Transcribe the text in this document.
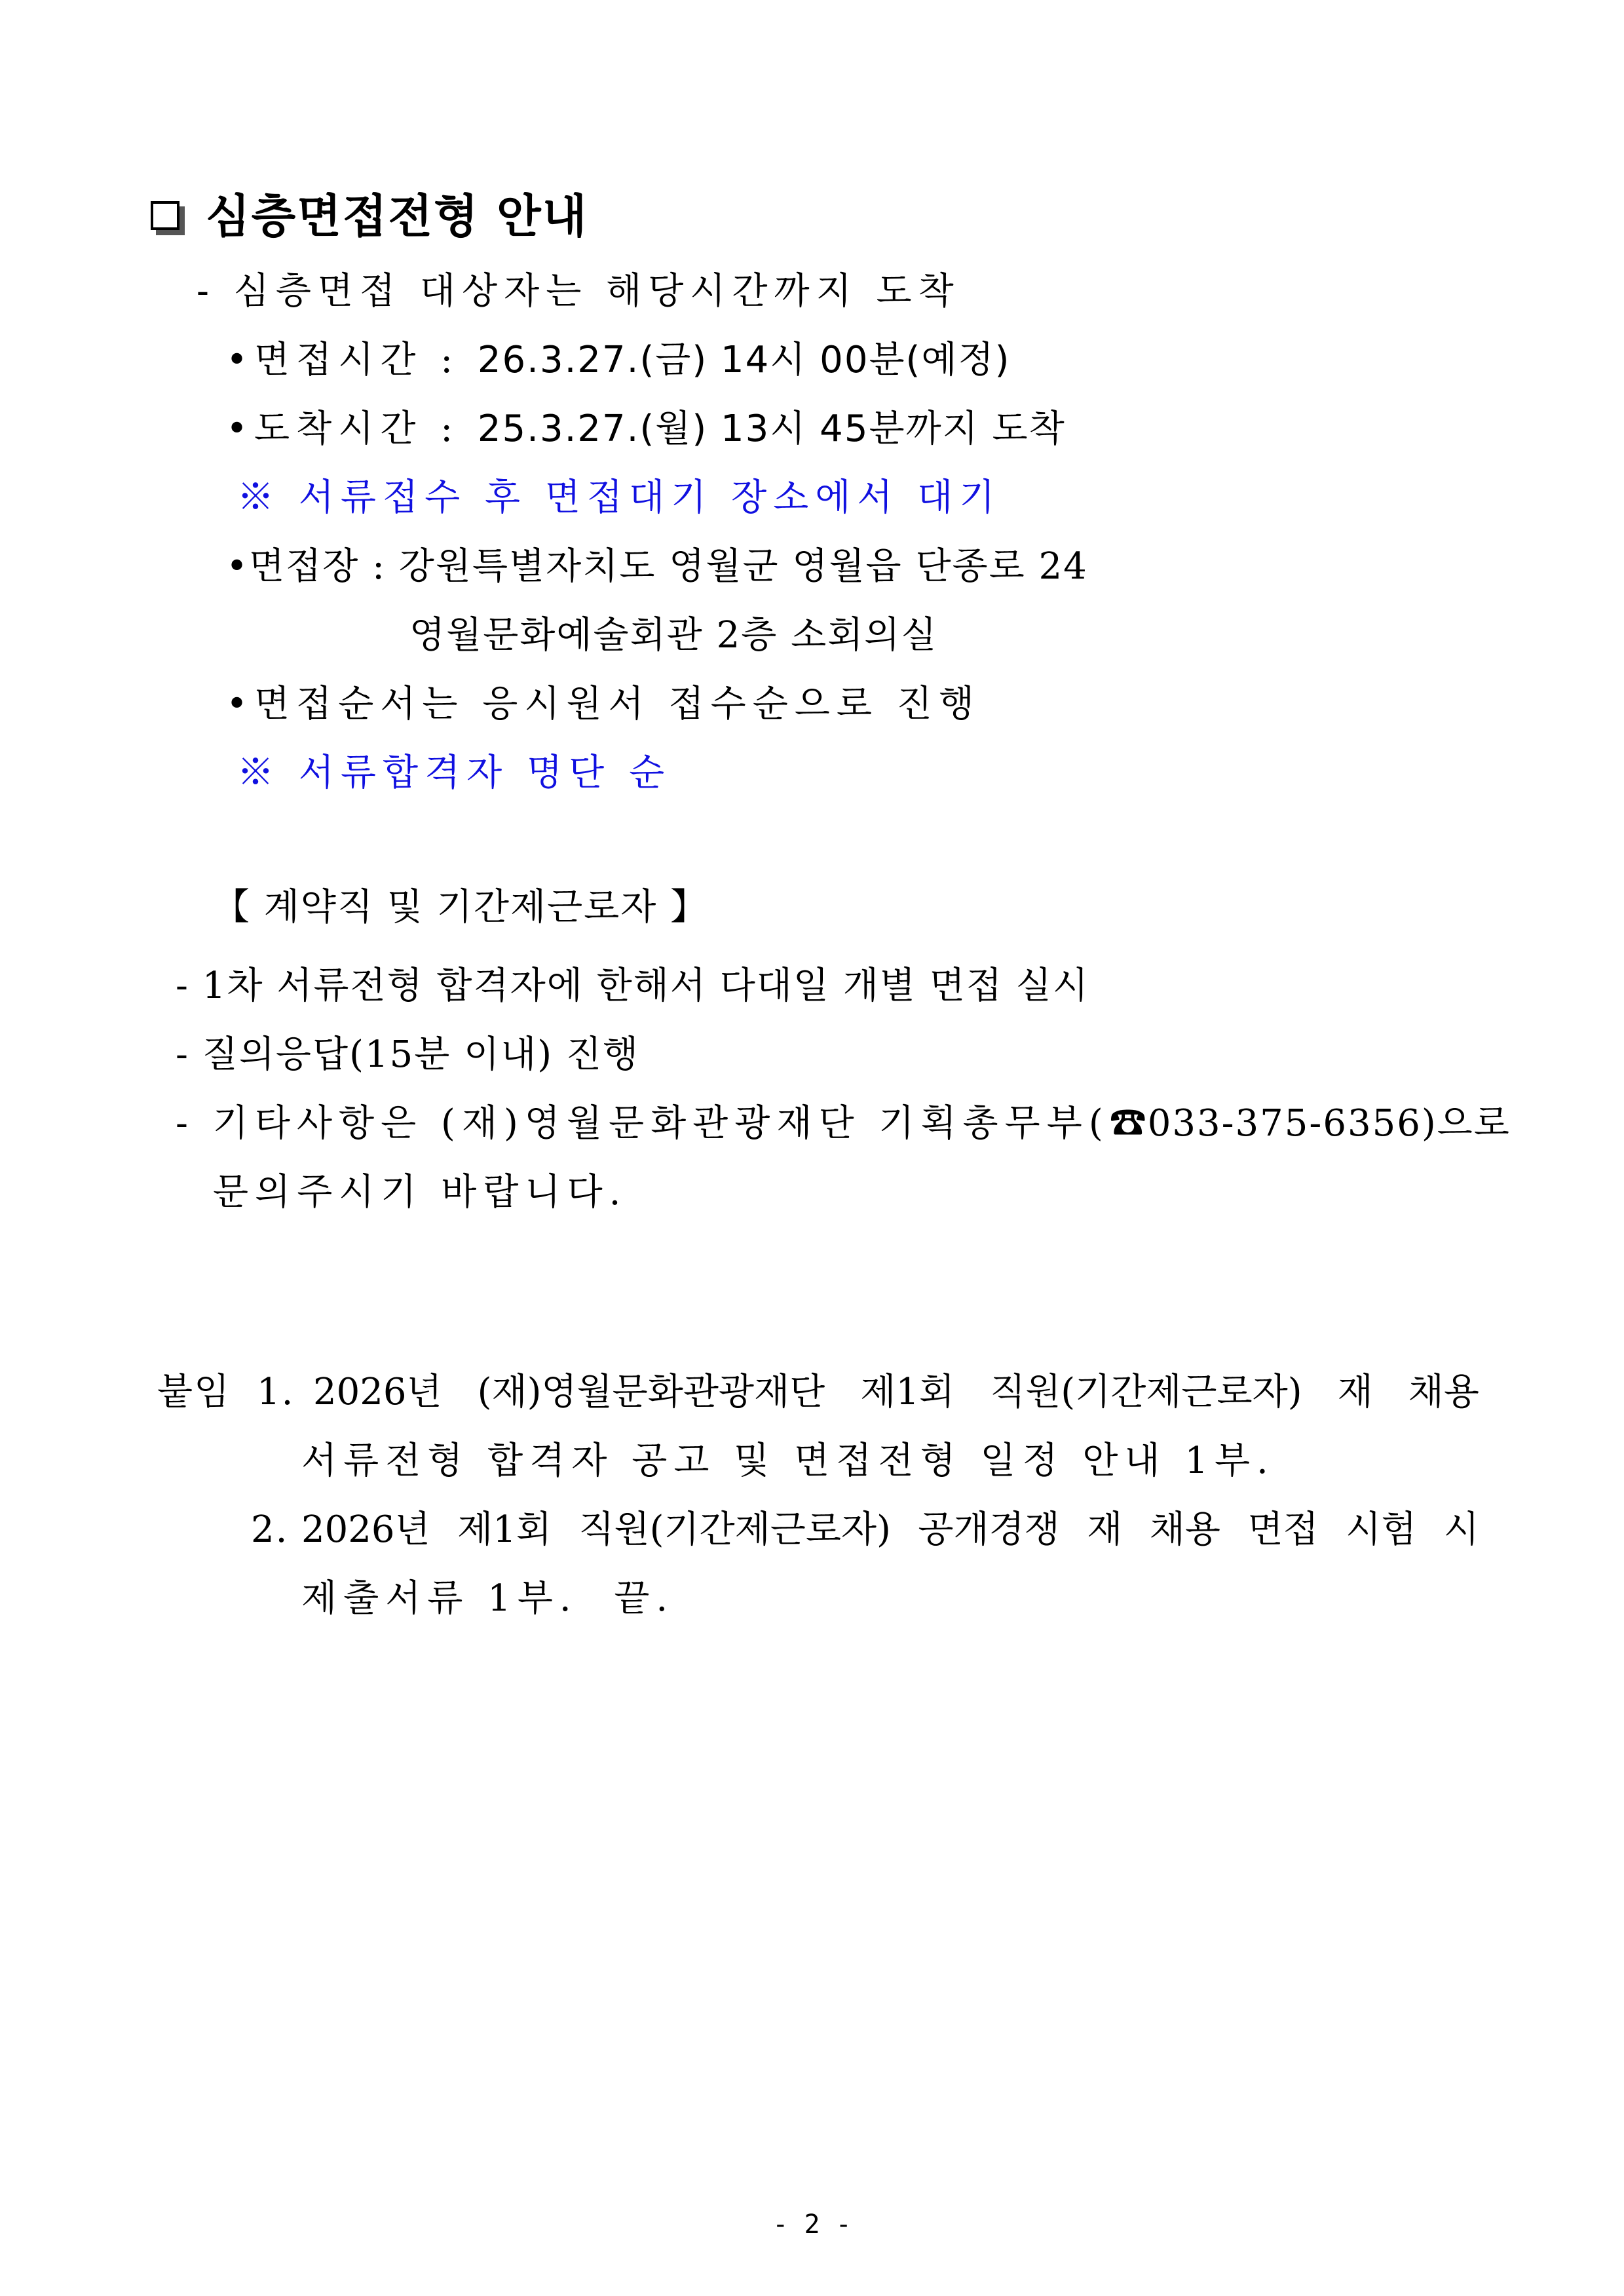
심층면접전형 안내
- 심층면접 대상자는 해당시간까지 도착
•면접시간 : 26.3.27.(금) 14시 00분(예정)
•도착시간 : 25.3.27.(월) 13시 45분까지 도착
※ 서류접수 후 면접대기 장소에서 대기
•면접장 : 강원특별자치도 영월군 영월읍 단종로 24
영월문화예술회관 2층 소회의실
•면접순서는 응시원서 접수순으로 진행
※ 서류합격자 명단 순
【 계약직 및 기간제근로자 】
- 1차 서류전형 합격자에 한해서 다대일 개별 면접 실시
- 질의응답(15분 이내) 진행
- 기타사항은 (재)영월문화관광재단 기획총무부(☎033-375-6356)으로
문의주시기 바랍니다.
붙임 1. 2026년 (재)영월문화관광재단 제1회 직원(기간제근로자) 재 채용
서류전형 합격자 공고 및 면접전형 일정 안내 1부.
2. 2026년 제1회 직원(기간제근로자) 공개경쟁 재 채용 면접 시험 시
제출서류 1부.  끝.
- 2 -
